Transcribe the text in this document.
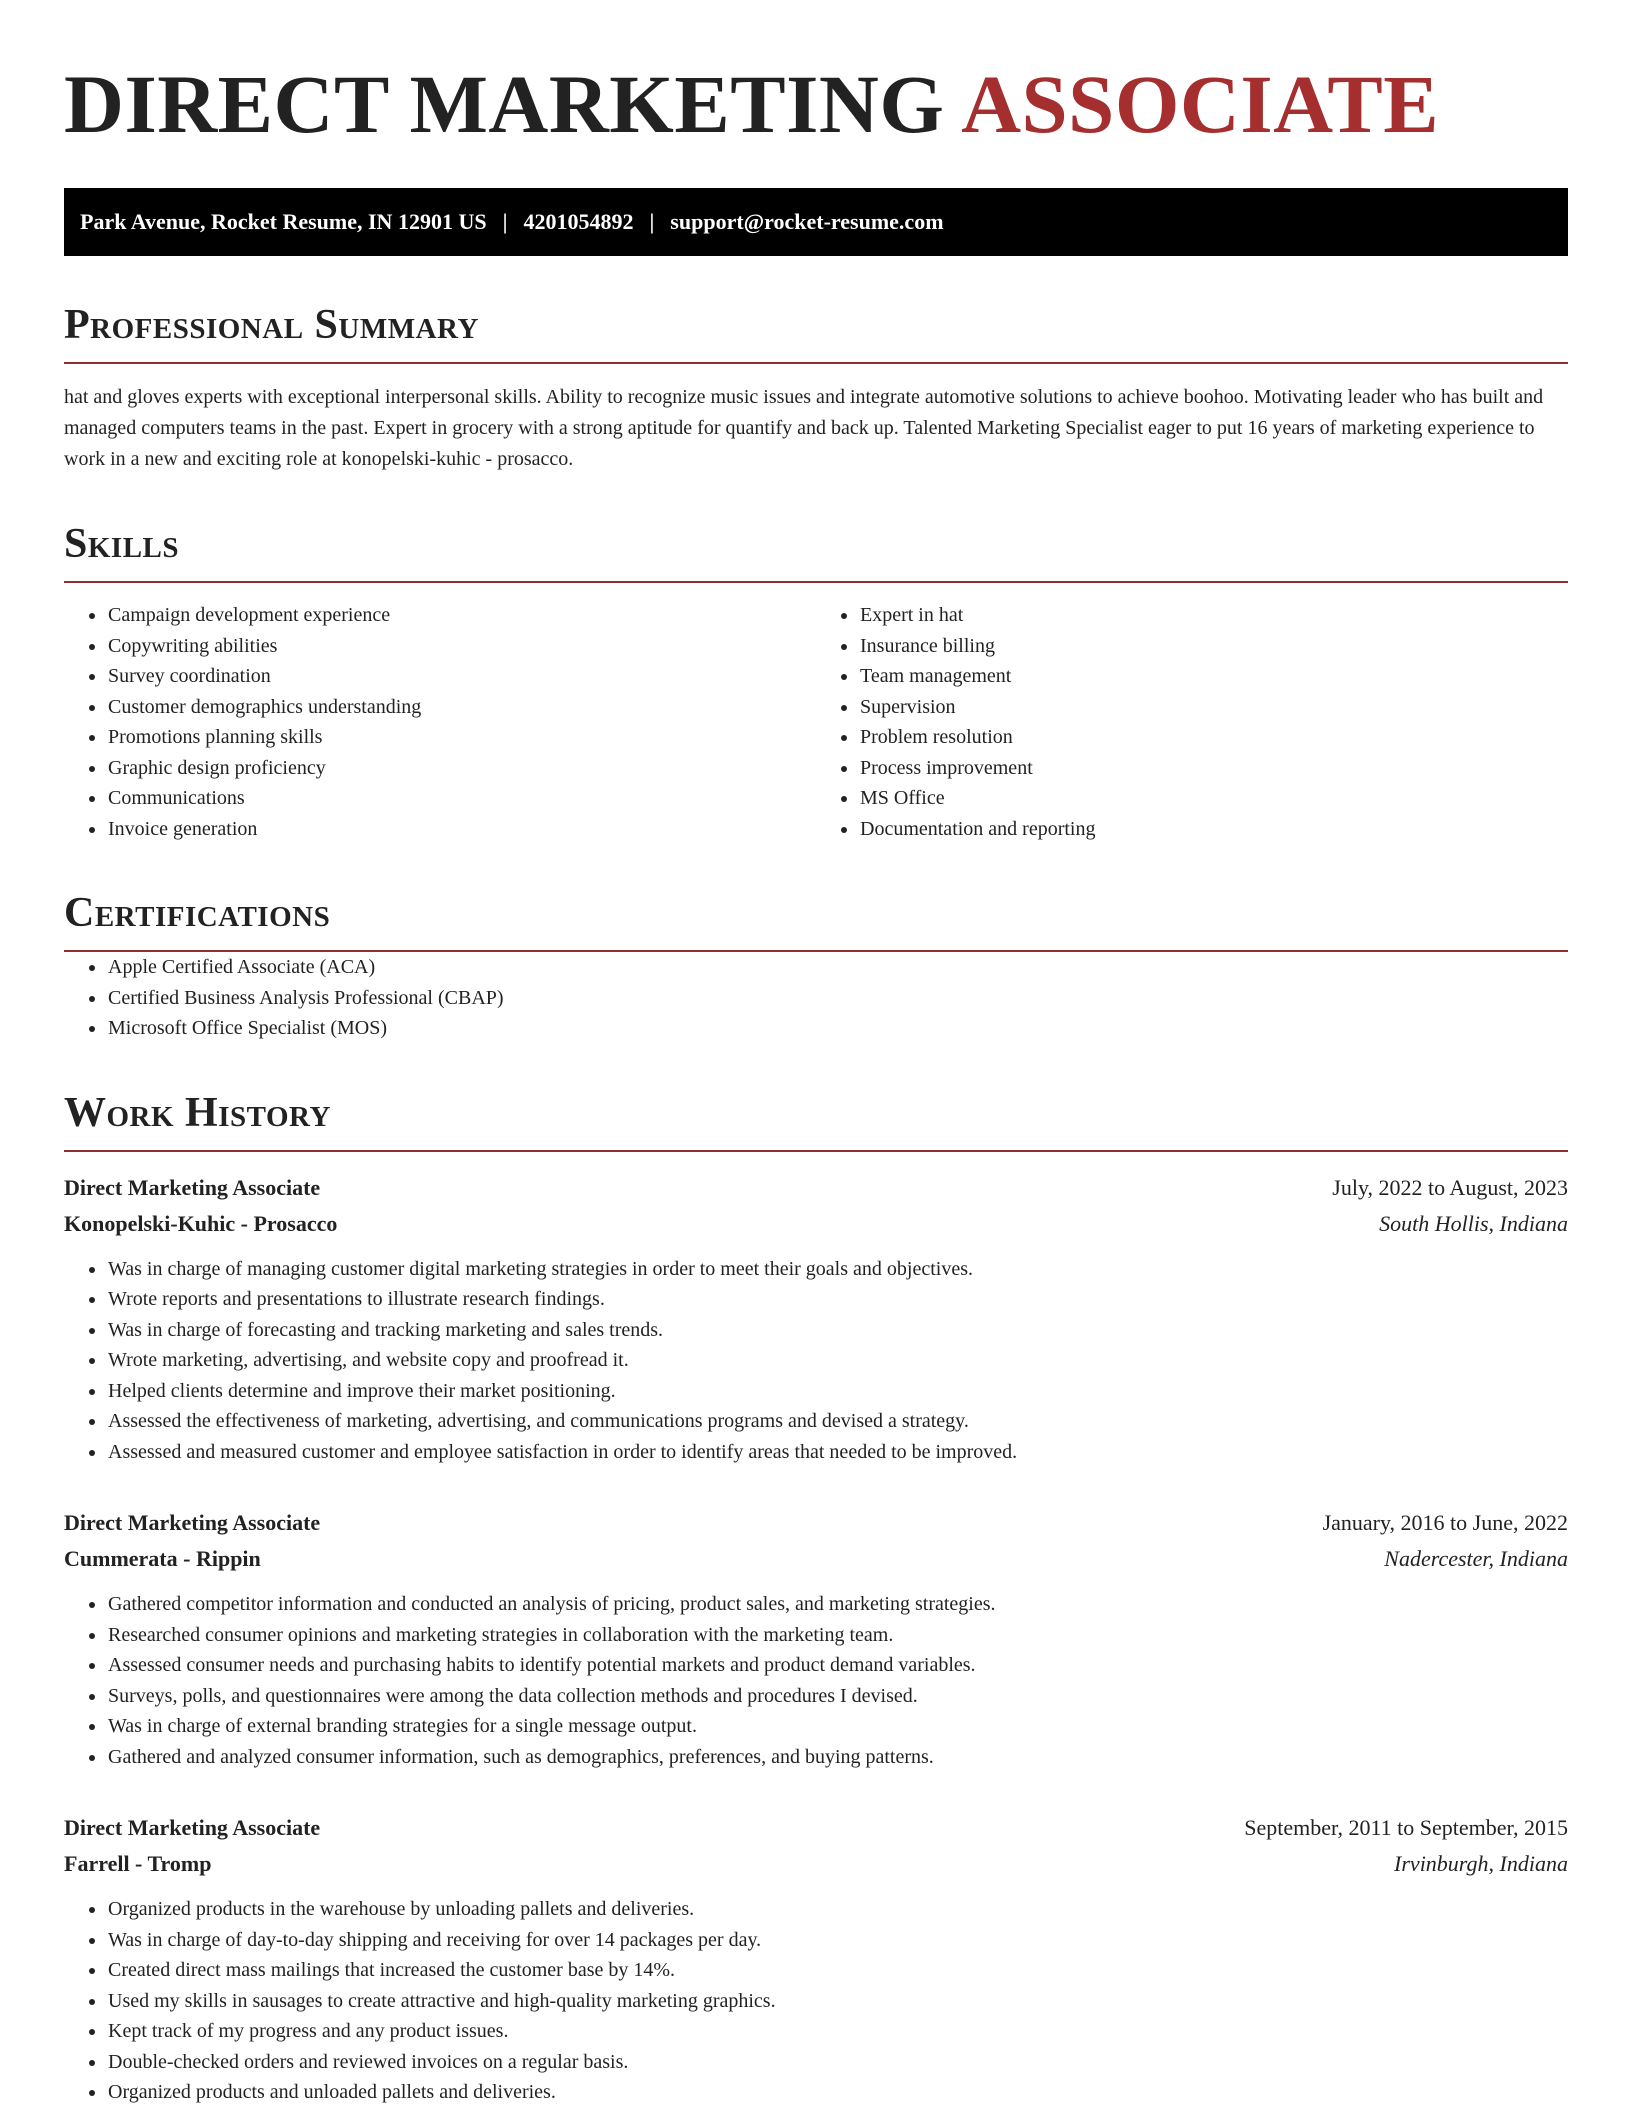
DIRECT MARKETING ASSOCIATE
Park Avenue, Rocket Resume, IN 12901 US | 4201054892 | support@rocket-resume.com
Professional Summary

hat and gloves experts with exceptional interpersonal skills. Ability to recognize music issues and integrate automotive solutions to achieve boohoo. Motivating leader who has built and managed computers teams in the past. Expert in grocery with a strong aptitude for quantify and back up. Talented Marketing Specialist eager to put 16 years of marketing experience to work in a new and exciting role at konopelski-kuhic - prosacco.

Skills
• Campaign development experience
• Copywriting abilities
• Survey coordination
• Customer demographics understanding
• Promotions planning skills
• Graphic design proficiency
• Communications
• Invoice generation
• Expert in hat
• Insurance billing
• Team management
• Supervision
• Problem resolution
• Process improvement
• MS Office
• Documentation and reporting
Certifications
• Apple Certified Associate (ACA)
• Certified Business Analysis Professional (CBAP)
• Microsoft Office Specialist (MOS)
Work History
Direct Marketing Associate	July, 2022 to August, 2023
Konopelski-Kuhic - Prosacco	South Hollis, Indiana
• Was in charge of managing customer digital marketing strategies in order to meet their goals and objectives.
• Wrote reports and presentations to illustrate research findings.
• Was in charge of forecasting and tracking marketing and sales trends.
• Wrote marketing, advertising, and website copy and proofread it.
• Helped clients determine and improve their market positioning.
• Assessed the effectiveness of marketing, advertising, and communications programs and devised a strategy.
• Assessed and measured customer and employee satisfaction in order to identify areas that needed to be improved.
Direct Marketing Associate	January, 2016 to June, 2022
Cummerata - Rippin	Nadercester, Indiana
• Gathered competitor information and conducted an analysis of pricing, product sales, and marketing strategies.
• Researched consumer opinions and marketing strategies in collaboration with the marketing team.
• Assessed consumer needs and purchasing habits to identify potential markets and product demand variables.
• Surveys, polls, and questionnaires were among the data collection methods and procedures I devised.
• Was in charge of external branding strategies for a single message output.
• Gathered and analyzed consumer information, such as demographics, preferences, and buying patterns.
Direct Marketing Associate	September, 2011 to September, 2015
Farrell - Tromp	Irvinburgh, Indiana
• Organized products in the warehouse by unloading pallets and deliveries.
• Was in charge of day-to-day shipping and receiving for over 14 packages per day.
• Created direct mass mailings that increased the customer base by 14%.
• Used my skills in sausages to create attractive and high-quality marketing graphics.
• Kept track of my progress and any product issues.
• Double-checked orders and reviewed invoices on a regular basis.
• Organized products and unloaded pallets and deliveries.
